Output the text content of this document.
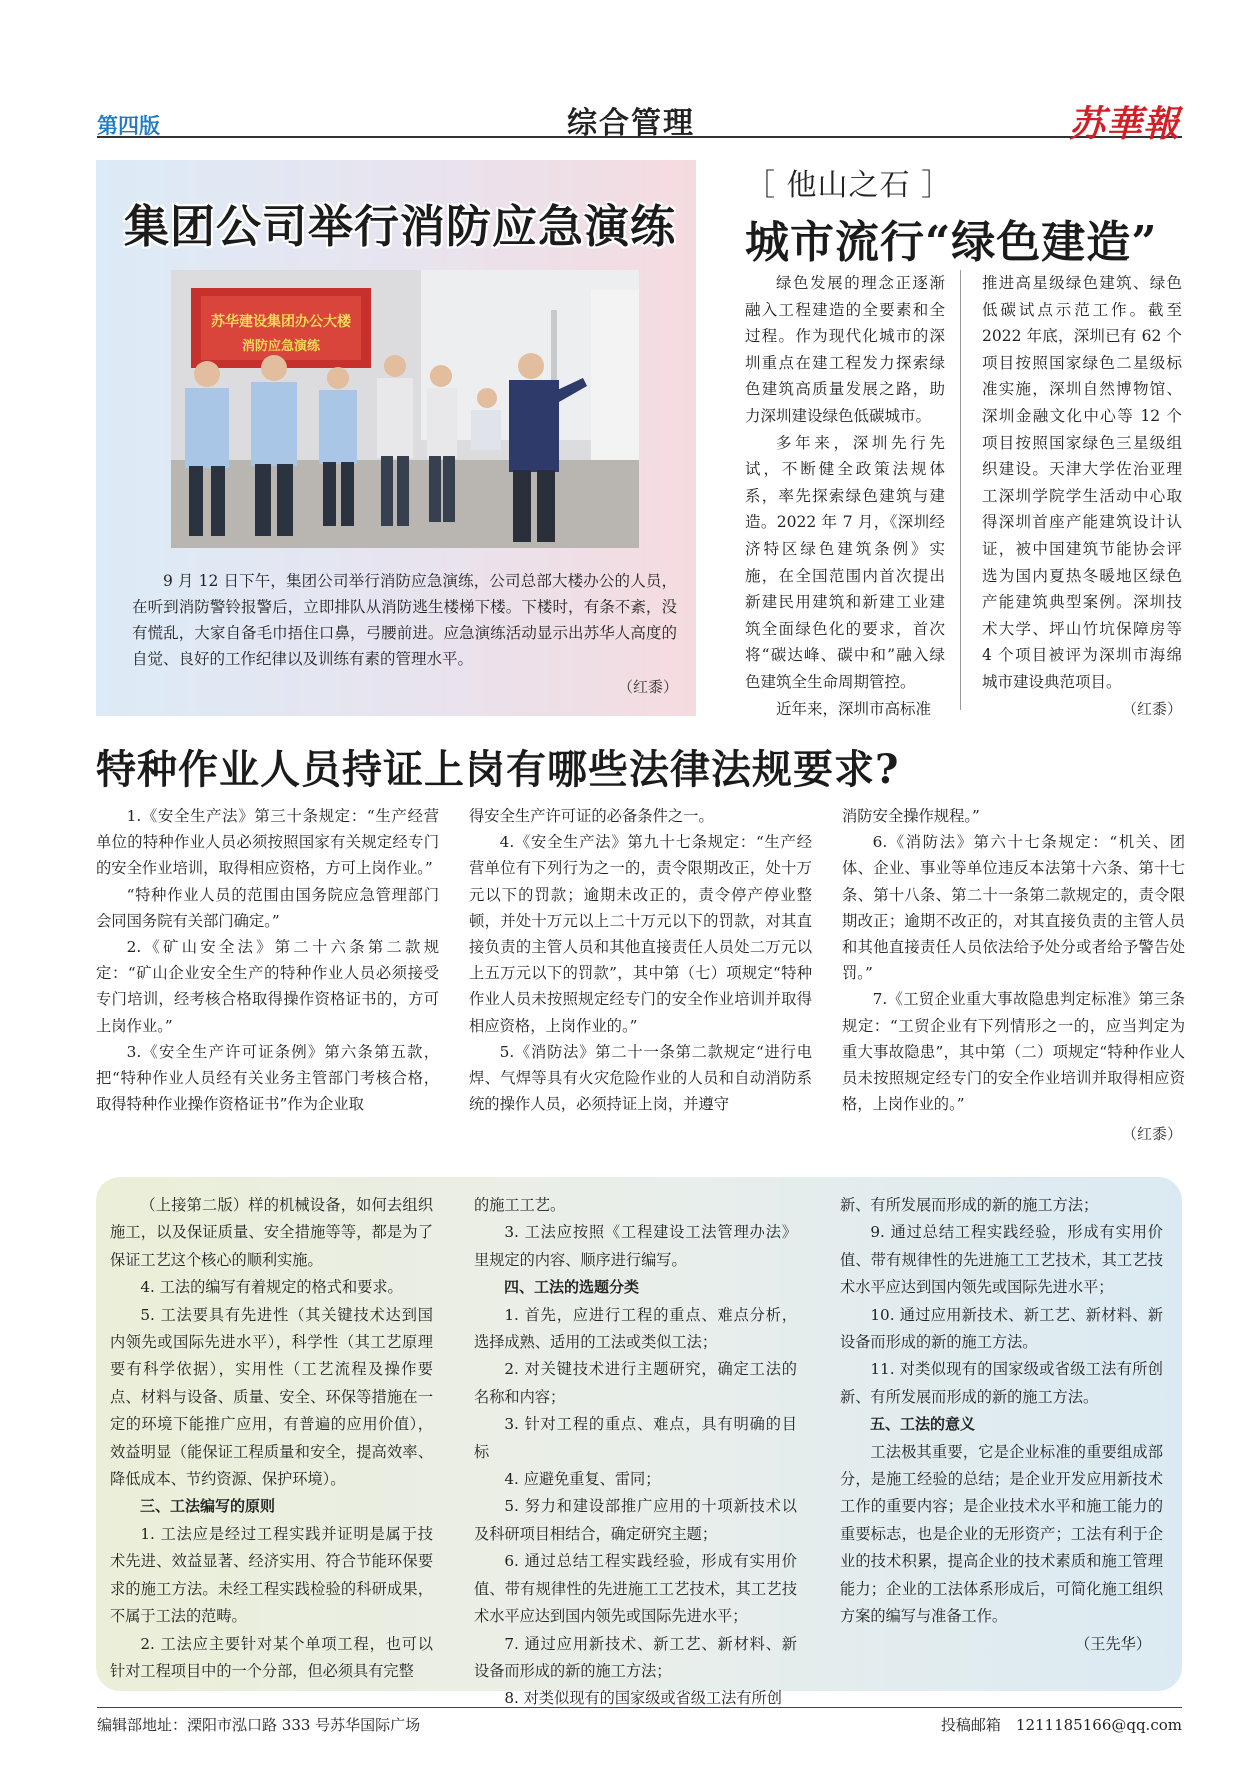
第四版	综合管理	苏華報
集团公司举行消防应急演练
苏华建设集团办公大楼
消防应急演练
9 月 12 日下午，集团公司举行消防应急演练，公司总部大楼办公的人员，在听到消防警铃报警后，立即排队从消防逃生楼梯下楼。下楼时，有条不紊，没有慌乱，大家自备毛巾捂住口鼻，弓腰前进。应急演练活动显示出苏华人高度的自觉、良好的工作纪律以及训练有素的管理水平。
（红黍）
［ 他山之石 ］
城市流行“绿色建造”

绿色发展的理念正逐渐融入工程建造的全要素和全过程。作为现代化城市的深圳重点在建工程发力探索绿色建筑高质量发展之路，助力深圳建设绿色低碳城市。

多年来，深圳先行先试，不断健全政策法规体系，率先探索绿色建筑与建造。2022 年 7 月，《深圳经济特区绿色建筑条例》实施，在全国范围内首次提出新建民用建筑和新建工业建筑全面绿色化的要求，首次将“碳达峰、碳中和”融入绿色建筑全生命周期管控。

近年来，深圳市高标准

推进高星级绿色建筑、绿色低碳试点示范工作。截至 2022 年底，深圳已有 62 个项目按照国家绿色二星级标准实施，深圳自然博物馆、深圳金融文化中心等 12 个项目按照国家绿色三星级组织建设。天津大学佐治亚理工深圳学院学生活动中心取得深圳首座产能建筑设计认证，被中国建筑节能协会评选为国内夏热冬暖地区绿色产能建筑典型案例。深圳技术大学、坪山竹坑保障房等 4 个项目被评为深圳市海绵城市建设典范项目。

（红黍）
特种作业人员持证上岗有哪些法律法规要求?

1.《安全生产法》第三十条规定：“生产经营单位的特种作业人员必须按照国家有关规定经专门的安全作业培训，取得相应资格，方可上岗作业。”

“特种作业人员的范围由国务院应急管理部门会同国务院有关部门确定。”

2.《矿山安全法》第二十六条第二款规定：“矿山企业安全生产的特种作业人员必须接受专门培训，经考核合格取得操作资格证书的，方可上岗作业。”

3.《安全生产许可证条例》第六条第五款，把“特种作业人员经有关业务主管部门考核合格，取得特种作业操作资格证书”作为企业取

得安全生产许可证的必备条件之一。

4.《安全生产法》第九十七条规定：“生产经营单位有下列行为之一的，责令限期改正，处十万元以下的罚款；逾期未改正的，责令停产停业整顿，并处十万元以上二十万元以下的罚款，对其直接负责的主管人员和其他直接责任人员处二万元以上五万元以下的罚款”，其中第（七）项规定“特种作业人员未按照规定经专门的安全作业培训并取得相应资格，上岗作业的。”

5.《消防法》第二十一条第二款规定“进行电焊、气焊等具有火灾危险作业的人员和自动消防系统的操作人员，必须持证上岗，并遵守

消防安全操作规程。”

6.《消防法》第六十七条规定：“机关、团体、企业、事业等单位违反本法第十六条、第十七条、第十八条、第二十一条第二款规定的，责令限期改正；逾期不改正的，对其直接负责的主管人员和其他直接责任人员依法给予处分或者给予警告处罚。”

7.《工贸企业重大事故隐患判定标准》第三条规定：“工贸企业有下列情形之一的，应当判定为重大事故隐患”，其中第（二）项规定“特种作业人员未按照规定经专门的安全作业培训并取得相应资格，上岗作业的。”

（红黍）

（上接第二版）样的机械设备，如何去组织施工，以及保证质量、安全措施等等，都是为了保证工艺这个核心的顺利实施。

4. 工法的编写有着规定的格式和要求。

5. 工法要具有先进性（其关键技术达到国内领先或国际先进水平），科学性（其工艺原理要有科学依据），实用性（工艺流程及操作要点、材料与设备、质量、安全、环保等措施在一定的环境下能推广应用，有普遍的应用价值），效益明显（能保证工程质量和安全，提高效率、降低成本、节约资源、保护环境）。

三、工法编写的原则

1. 工法应是经过工程实践并证明是属于技术先进、效益显著、经济实用、符合节能环保要求的施工方法。未经工程实践检验的科研成果，不属于工法的范畴。

2. 工法应主要针对某个单项工程，也可以针对工程项目中的一个分部，但必须具有完整

的施工工艺。

3. 工法应按照《工程建设工法管理办法》里规定的内容、顺序进行编写。

四、工法的选题分类

1. 首先，应进行工程的重点、难点分析，选择成熟、适用的工法或类似工法；

2. 对关键技术进行主题研究，确定工法的名称和内容；

3. 针对工程的重点、难点，具有明确的目标

4. 应避免重复、雷同；

5. 努力和建设部推广应用的十项新技术以及科研项目相结合，确定研究主题；

6. 通过总结工程实践经验，形成有实用价值、带有规律性的先进施工工艺技术，其工艺技术水平应达到国内领先或国际先进水平；

7. 通过应用新技术、新工艺、新材料、新设备而形成的新的施工方法；

8. 对类似现有的国家级或省级工法有所创

新、有所发展而形成的新的施工方法；

9. 通过总结工程实践经验，形成有实用价值、带有规律性的先进施工工艺技术，其工艺技术水平应达到国内领先或国际先进水平；

10. 通过应用新技术、新工艺、新材料、新设备而形成的新的施工方法。

11. 对类似现有的国家级或省级工法有所创新、有所发展而形成的新的施工方法。

五、工法的意义

工法极其重要，它是企业标准的重要组成部分，是施工经验的总结；是企业开发应用新技术工作的重要内容；是企业技术水平和施工能力的重要标志，也是企业的无形资产；工法有利于企业的技术积累，提高企业的技术素质和施工管理能力；企业的工法体系形成后，可简化施工组织方案的编写与准备工作。

（王先华）

编辑部地址：溧阳市泓口路 333 号苏华国际广场	投稿邮箱　1211185166@qq.com
